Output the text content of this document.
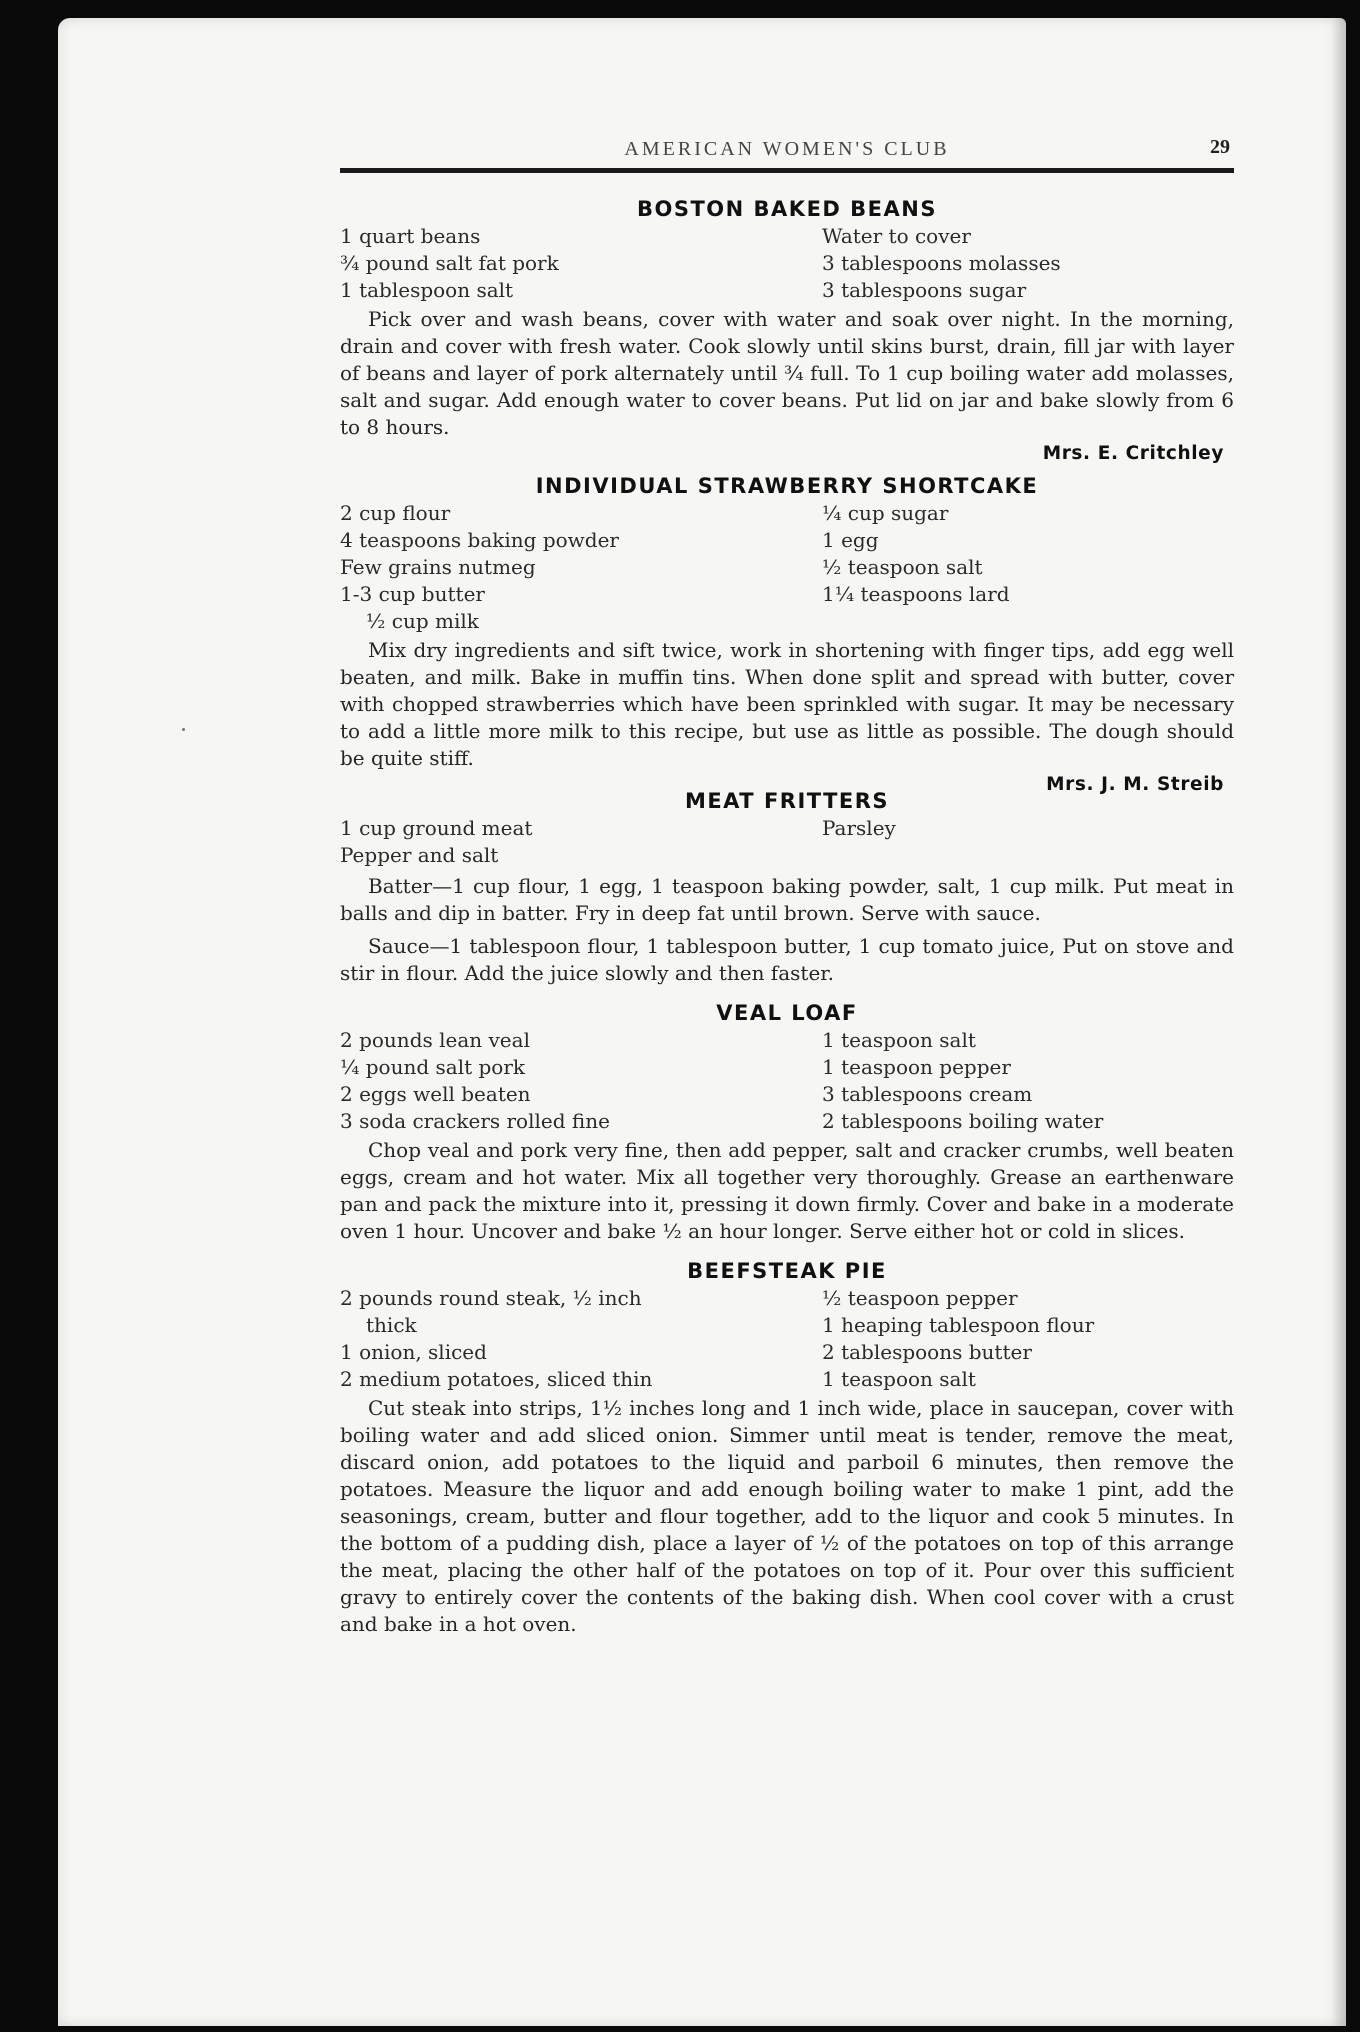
AMERICAN WOMEN'S CLUB	29
BOSTON BAKED BEANS
1 quart beans
¾ pound salt fat pork
1 tablespoon salt
Water to cover
3 tablespoons molasses
3 tablespoons sugar

Pick over and wash beans, cover with water and soak over night. In the morning, drain and cover with fresh water. Cook slowly until skins burst, drain, fill jar with layer of beans and layer of pork alternately until ¾ full. To 1 cup boiling water add molasses, salt and sugar. Add enough water to cover beans. Put lid on jar and bake slowly from 6 to 8 hours.

Mrs. E. Critchley
INDIVIDUAL STRAWBERRY SHORTCAKE
2 cup flour
4 teaspoons baking powder
Few grains nutmeg
1-3 cup butter
½ cup milk
¼ cup sugar
1 egg
½ teaspoon salt
1¼ teaspoons lard

Mix dry ingredients and sift twice, work in shortening with finger tips, add egg well beaten, and milk. Bake in muffin tins. When done split and spread with butter, cover with chopped strawberries which have been sprinkled with sugar. It may be necessary to add a little more milk to this recipe, but use as little as possible. The dough should be quite stiff.

Mrs. J. M. Streib
MEAT FRITTERS
1 cup ground meat
Pepper and salt
Parsley

Batter—1 cup flour, 1 egg, 1 teaspoon baking powder, salt, 1 cup milk. Put meat in balls and dip in batter. Fry in deep fat until brown. Serve with sauce.

Sauce—1 tablespoon flour, 1 tablespoon butter, 1 cup tomato juice, Put on stove and stir in flour. Add the juice slowly and then faster.

VEAL LOAF
2 pounds lean veal
¼ pound salt pork
2 eggs well beaten
3 soda crackers rolled fine
1 teaspoon salt
1 teaspoon pepper
3 tablespoons cream
2 tablespoons boiling water

Chop veal and pork very fine, then add pepper, salt and cracker crumbs, well beaten eggs, cream and hot water. Mix all together very thoroughly. Grease an earthenware pan and pack the mixture into it, pressing it down firmly. Cover and bake in a moderate oven 1 hour. Uncover and bake ½ an hour longer. Serve either hot or cold in slices.

BEEFSTEAK PIE
2 pounds round steak, ½ inch
thick
1 onion, sliced
2 medium potatoes, sliced thin
½ teaspoon pepper
1 heaping tablespoon flour
2 tablespoons butter
1 teaspoon salt

Cut steak into strips, 1½ inches long and 1 inch wide, place in saucepan, cover with boiling water and add sliced onion. Simmer until meat is tender, remove the meat, discard onion, add potatoes to the liquid and parboil 6 minutes, then remove the potatoes. Measure the liquor and add enough boiling water to make 1 pint, add the seasonings, cream, butter and flour together, add to the liquor and cook 5 minutes. In the bottom of a pudding dish, place a layer of ½ of the potatoes on top of this arrange the meat, placing the other half of the potatoes on top of it. Pour over this sufficient gravy to entirely cover the contents of the baking dish. When cool cover with a crust and bake in a hot oven.
